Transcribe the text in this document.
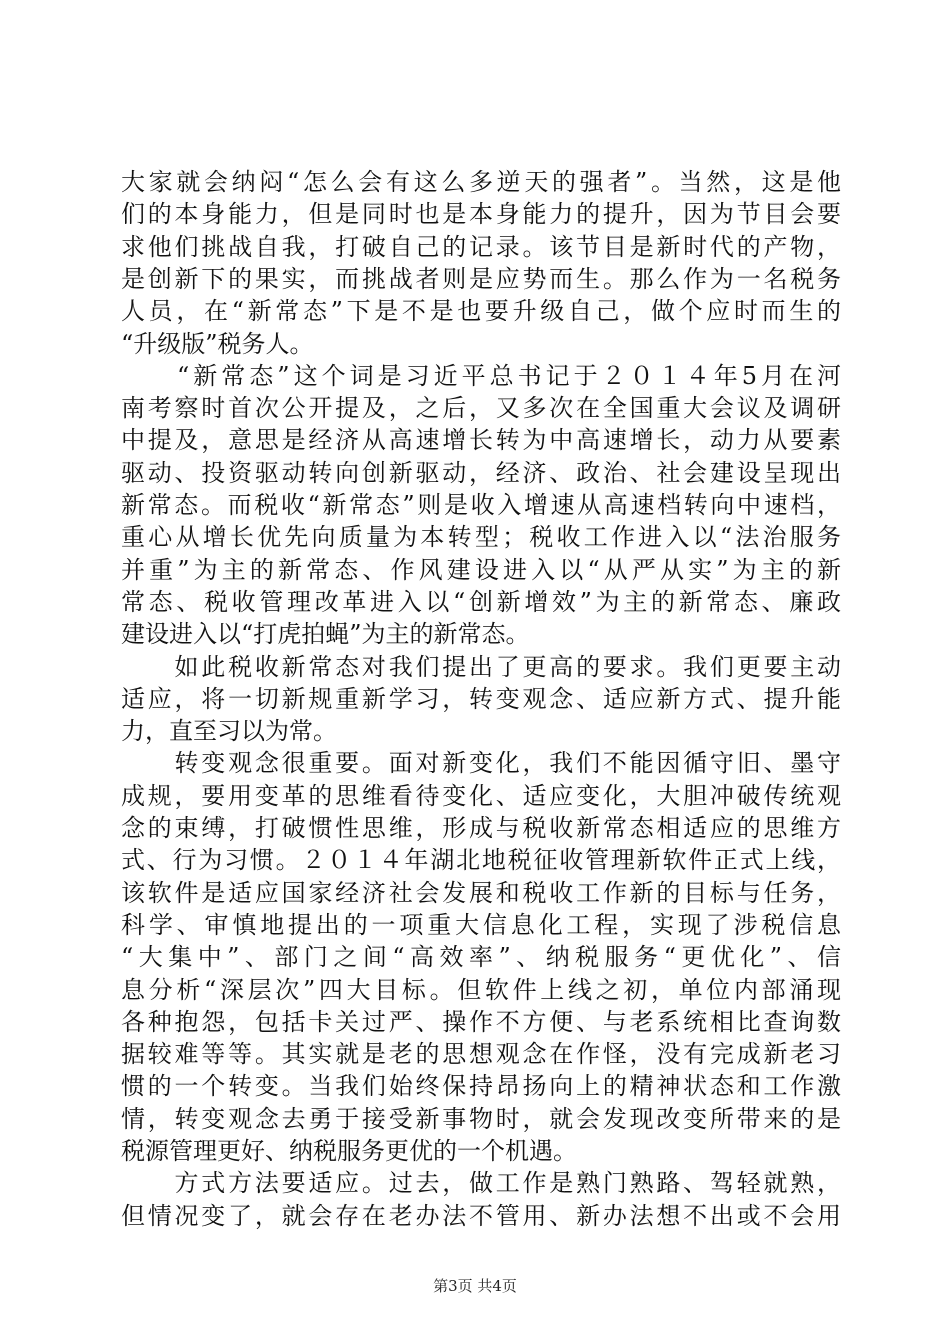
大家就会纳闷“怎么会有这么多逆天的强者”。当然，这是他
们的本身能力，但是同时也是本身能力的提升，因为节目会要
求他们挑战自我，打破自己的记录。该节目是新时代的产物，
是创新下的果实，而挑战者则是应势而生。那么作为一名税务
人员，在“新常态”下是不是也要升级自己，做个应时而生的
“升级版”税务人。
　　“新常态”这个词是习近平总书记于２０１４年5月在河
南考察时首次公开提及，之后，又多次在全国重大会议及调研
中提及，意思是经济从高速增长转为中高速增长，动力从要素
驱动、投资驱动转向创新驱动，经济、政治、社会建设呈现出
新常态。而税收“新常态”则是收入增速从高速档转向中速档，
重心从增长优先向质量为本转型；税收工作进入以“法治服务
并重”为主的新常态、作风建设进入以“从严从实”为主的新
常态、税收管理改革进入以“创新增效”为主的新常态、廉政
建设进入以“打虎拍蝇”为主的新常态。
　　如此税收新常态对我们提出了更高的要求。我们更要主动
适应，将一切新规重新学习，转变观念、适应新方式、提升能
力，直至习以为常。
　　转变观念很重要。面对新变化，我们不能因循守旧、墨守
成规，要用变革的思维看待变化、适应变化，大胆冲破传统观
念的束缚，打破惯性思维，形成与税收新常态相适应的思维方
式、行为习惯。２０１４年湖北地税征收管理新软件正式上线，
该软件是适应国家经济社会发展和税收工作新的目标与任务，
科学、审慎地提出的一项重大信息化工程，实现了涉税信息
“大集中”、部门之间“高效率”、纳税服务“更优化”、信
息分析“深层次”四大目标。但软件上线之初，单位内部涌现
各种抱怨，包括卡关过严、操作不方便、与老系统相比查询数
据较难等等。其实就是老的思想观念在作怪，没有完成新老习
惯的一个转变。当我们始终保持昂扬向上的精神状态和工作激
情，转变观念去勇于接受新事物时，就会发现改变所带来的是
税源管理更好、纳税服务更优的一个机遇。
　　方式方法要适应。过去，做工作是熟门熟路、驾轻就熟，
但情况变了，就会存在老办法不管用、新办法想不出或不会用
第3页 共4页
